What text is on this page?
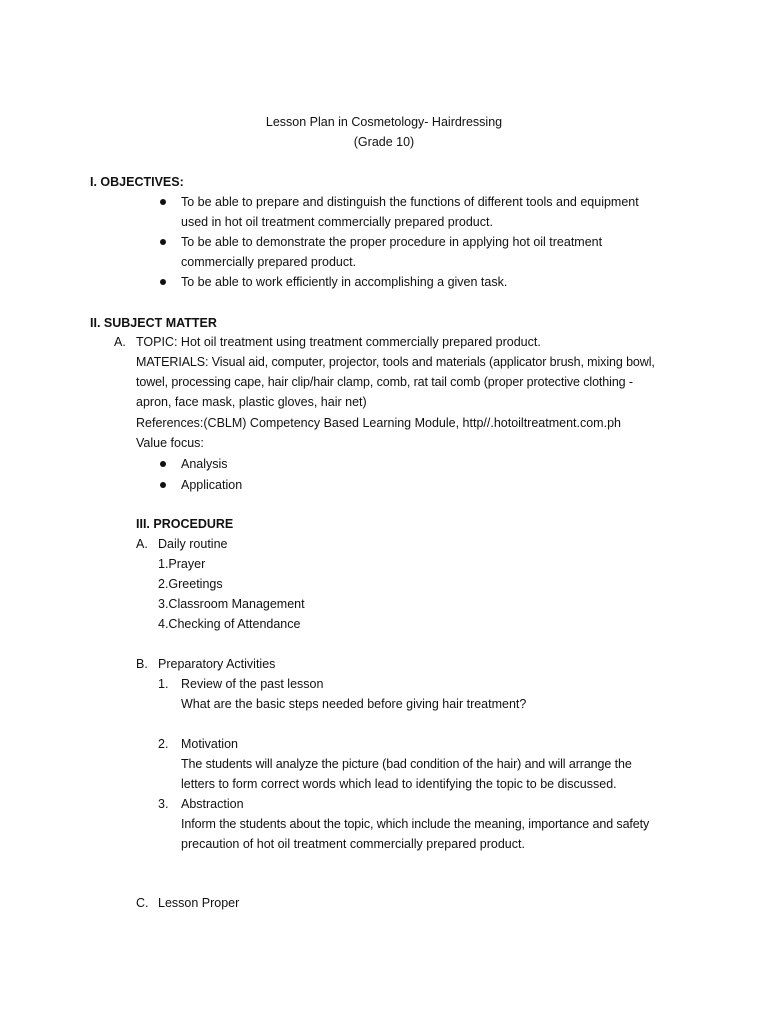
Lesson Plan in Cosmetology- Hairdressing
(Grade 10)
I. OBJECTIVES:
To be able to prepare and distinguish the functions of different tools and equipment
used in hot oil treatment commercially prepared product.
To be able to demonstrate the proper procedure in applying hot oil treatment
commercially prepared product.
To be able to work efficiently in accomplishing a given task.
II. SUBJECT MATTER
A. TOPIC: Hot oil treatment using treatment commercially prepared product.
MATERIALS: Visual aid, computer, projector, tools and materials (applicator brush, mixing bowl,
towel, processing cape, hair clip/hair clamp, comb, rat tail comb (proper protective clothing -
apron, face mask, plastic gloves, hair net)
References:(CBLM) Competency Based Learning Module, http//.hotoiltreatment.com.ph
Value focus:
Analysis
Application
III. PROCEDURE
A. Daily routine
1.Prayer
2.Greetings
3.Classroom Management
4.Checking of Attendance
B. Preparatory Activities
1. Review of the past lesson
What are the basic steps needed before giving hair treatment?
2. Motivation
The students will analyze the picture (bad condition of the hair) and will arrange the
letters to form correct words which lead to identifying the topic to be discussed.
3. Abstraction
Inform the students about the topic, which include the meaning, importance and safety
precaution of hot oil treatment commercially prepared product.
C. Lesson Proper
